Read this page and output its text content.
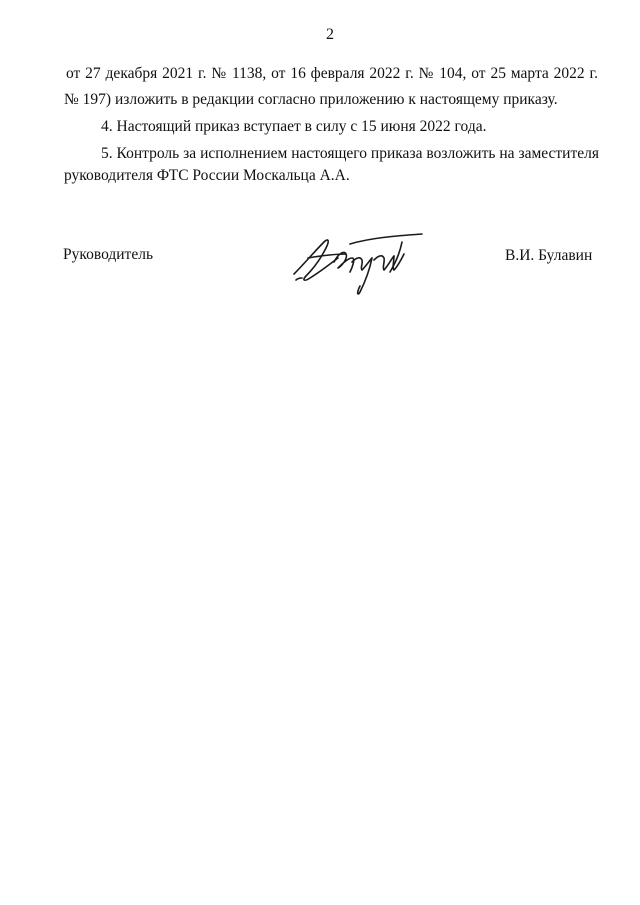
2
от 27 декабря 2021 г. № 1138, от 16 февраля 2022 г. № 104, от 25 марта 2022 г.
№ 197) изложить в редакции согласно приложению к настоящему приказу.
4. Настоящий приказ вступает в силу с 15 июня 2022 года.
5. Контроль за исполнением настоящего приказа возложить на заместителя
руководителя ФТС России Москальца А.А.
Руководитель	В.И. Булавин
